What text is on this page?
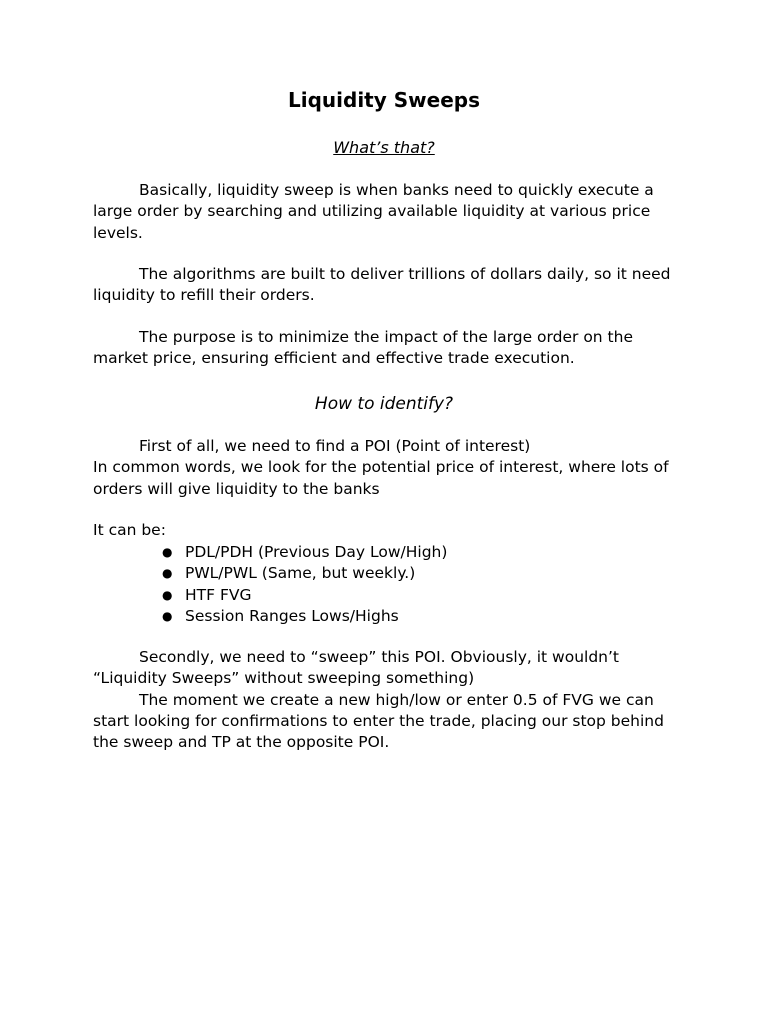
Liquidity Sweeps
What’s that?
Basically, liquidity sweep is when banks need to quickly execute a
large order by searching and utilizing available liquidity at various price
levels.
The algorithms are built to deliver trillions of dollars daily, so it need
liquidity to refill their orders.
The purpose is to minimize the impact of the large order on the
market price, ensuring efficient and effective trade execution.
How to identify?
First of all, we need to find a POI (Point of interest)
In common words, we look for the potential price of interest, where lots of
orders will give liquidity to the banks
It can be:
● PDL/PDH (Previous Day Low/High)
● PWL/PWL (Same, but weekly.)
● HTF FVG
● Session Ranges Lows/Highs
Secondly, we need to “sweep” this POI. Obviously, it wouldn’t
“Liquidity Sweeps” without sweeping something)
The moment we create a new high/low or enter 0.5 of FVG we can
start looking for confirmations to enter the trade, placing our stop behind
the sweep and TP at the opposite POI.
